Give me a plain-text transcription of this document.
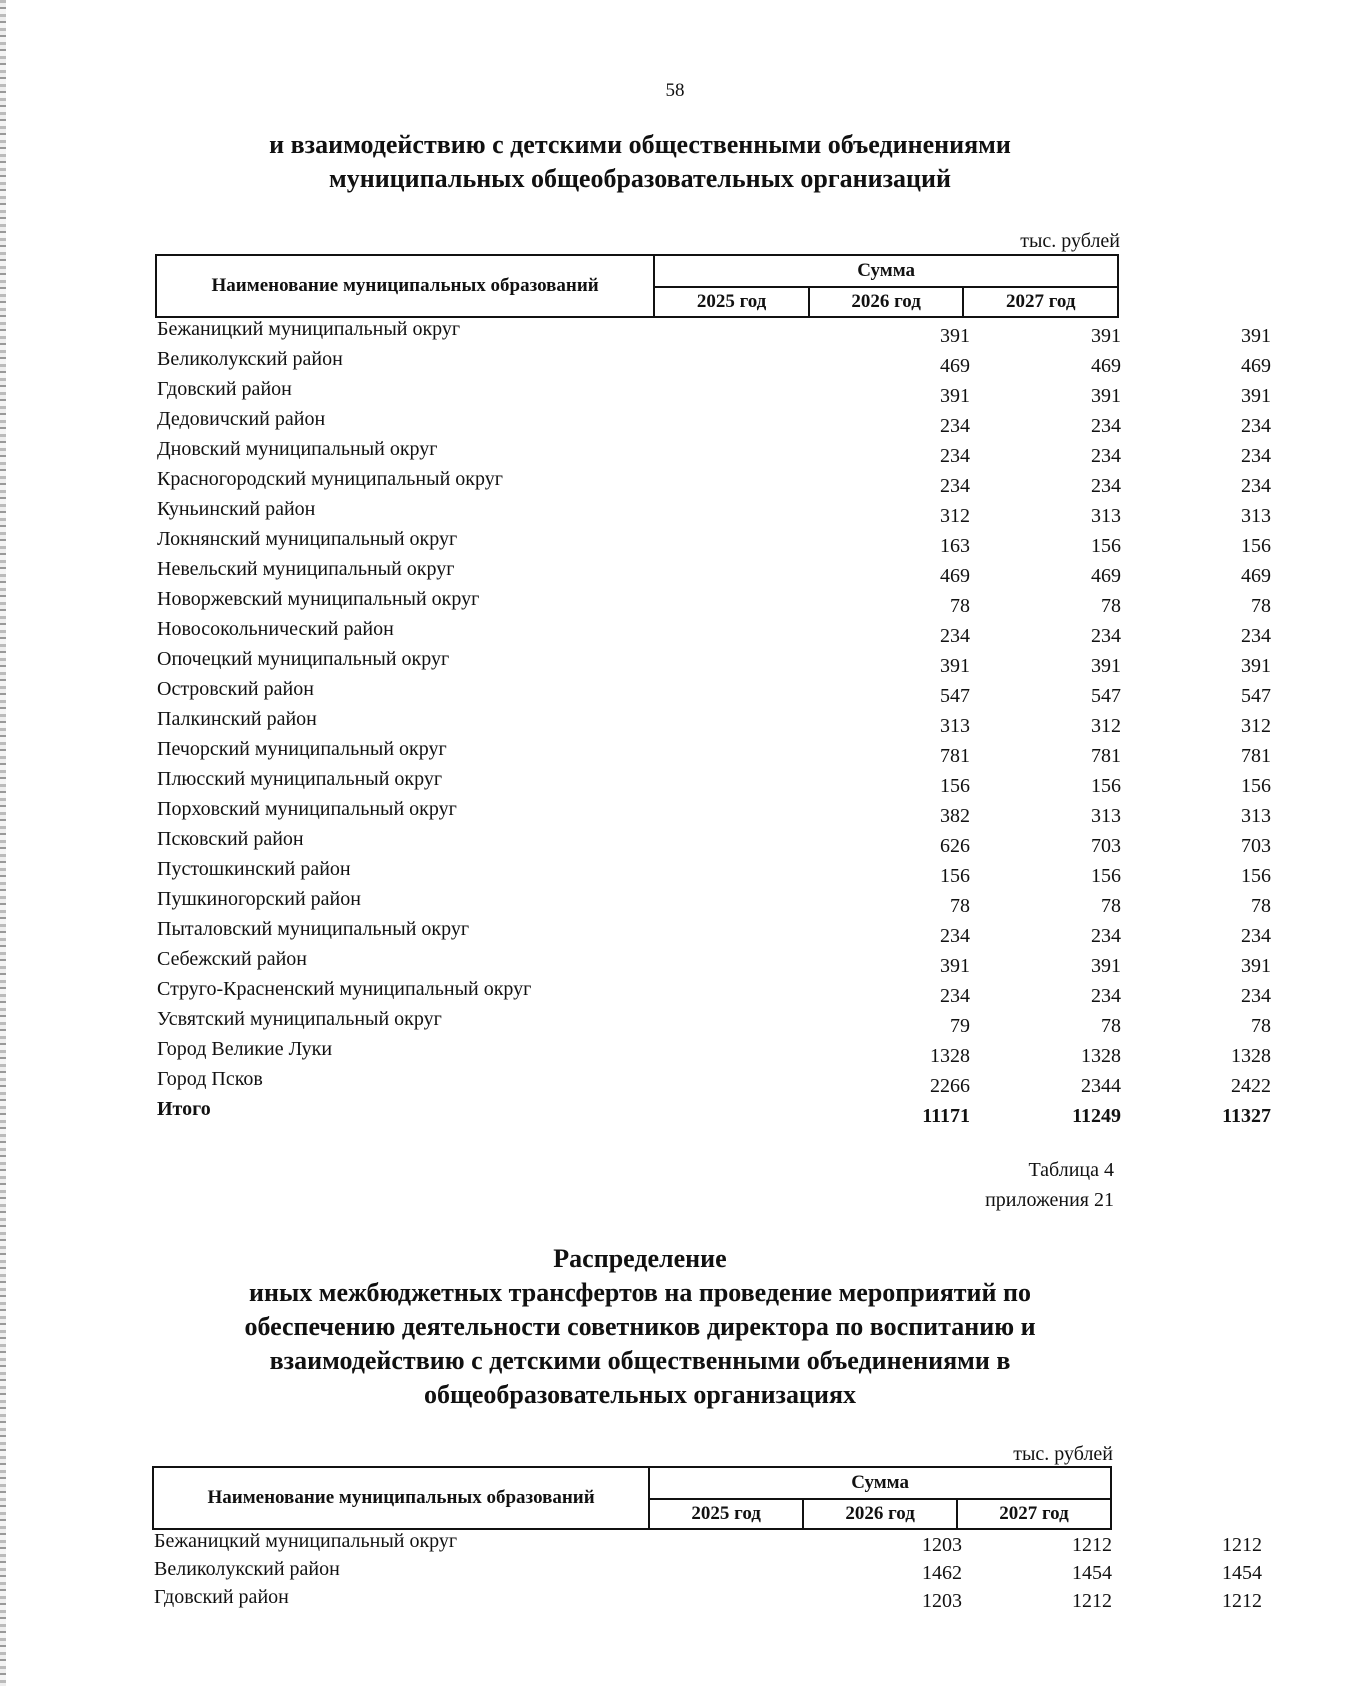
58
и взаимодействию с детскими общественными объединениями
муниципальных общеобразовательных организаций
тыс. рублей
Наименование муниципальных образований	Сумма		
	2025 год	2026 год	2027 год
Бежаницкий муниципальный округ	391	391	391
Великолукский район	469	469	469
Гдовский район	391	391	391
Дедовичский район	234	234	234
Дновский муниципальный округ	234	234	234
Красногородский муниципальный округ	234	234	234
Куньинский район	312	313	313
Локнянский муниципальный округ	163	156	156
Невельский муниципальный округ	469	469	469
Новоржевский муниципальный округ	78	78	78
Новосокольнический район	234	234	234
Опочецкий муниципальный округ	391	391	391
Островский район	547	547	547
Палкинский район	313	312	312
Печорский муниципальный округ	781	781	781
Плюсский муниципальный округ	156	156	156
Порховский муниципальный округ	382	313	313
Псковский район	626	703	703
Пустошкинский район	156	156	156
Пушкиногорский район	78	78	78
Пыталовский муниципальный округ	234	234	234
Себежский район	391	391	391
Струго-Красненский муниципальный округ	234	234	234
Усвятский муниципальный округ	79	78	78
Город Великие Луки	1328	1328	1328
Город Псков	2266	2344	2422
Итого	11171	11249	11327
Таблица 4
приложения 21
Распределение
иных межбюджетных трансфертов на проведение мероприятий по
обеспечению деятельности советников директора по воспитанию и
взаимодействию с детскими общественными объединениями в
общеобразовательных организациях
тыс. рублей
Наименование муниципальных образований	Сумма		
	2025 год	2026 год	2027 год
Бежаницкий муниципальный округ	1203	1212	1212
Великолукский район	1462	1454	1454
Гдовский район	1203	1212	1212
